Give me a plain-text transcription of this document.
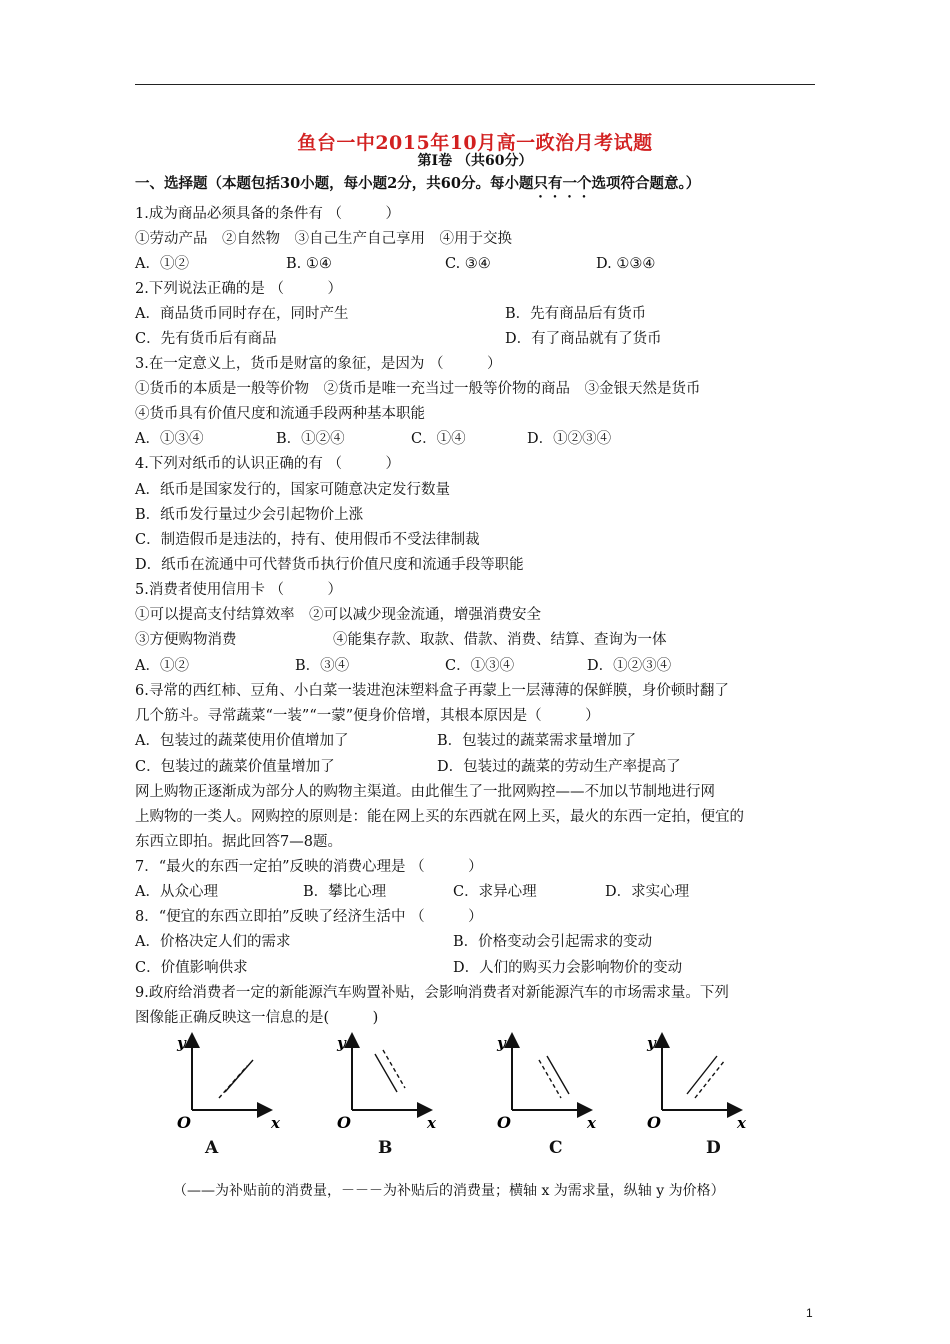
鱼台一中2015年10月高一政治月考试题
第Ⅰ卷 （共60分）
一、选择题（本题包括30小题，每小题2分，共60分。每小题只有一个选项符合题意。）
1.成为商品必须具备的条件有 （　　　）
①劳动产品　②自然物　③自己生产自己享用　④用于交换
A．①②	B. ①④	C. ③④	D. ①③④
2.下列说法正确的是 （　　　）
A．商品货币同时存在，同时产生	B．先有商品后有货币
C．先有货币后有商品	D．有了商品就有了货币
3.在一定意义上，货币是财富的象征，是因为 （　　　）
①货币的本质是一般等价物　②货币是唯一充当过一般等价物的商品　③金银天然是货币
④货币具有价值尺度和流通手段两种基本职能
A．①③④	B．①②④	C．①④	D．①②③④
4.下列对纸币的认识正确的有 （　　　）
A．纸币是国家发行的，国家可随意决定发行数量
B．纸币发行量过少会引起物价上涨
C．制造假币是违法的，持有、使用假币不受法律制裁
D．纸币在流通中可代替货币执行价值尺度和流通手段等职能
5.消费者使用信用卡 （　　　）
①可以提高支付结算效率　②可以减少现金流通，增强消费安全
③方便购物消费	④能集存款、取款、借款、消费、结算、查询为一体
A．①②	B．③④	C．①③④	D．①②③④
6.寻常的西红柿、豆角、小白菜一装进泡沫塑料盒子再蒙上一层薄薄的保鲜膜，身价顿时翻了
几个筋斗。寻常蔬菜“一装”“一蒙”便身价倍增，其根本原因是（　　　）
A．包装过的蔬菜使用价值增加了	B．包装过的蔬菜需求量增加了
C．包装过的蔬菜价值量增加了	D．包装过的蔬菜的劳动生产率提高了
网上购物正逐渐成为部分人的购物主渠道。由此催生了一批网购控——不加以节制地进行网
上购物的一类人。网购控的原则是：能在网上买的东西就在网上买，最火的东西一定拍，便宜的
东西立即拍。据此回答7—8题。
7．“最火的东西一定拍”反映的消费心理是 （　　　）
A．从众心理	B．攀比心理	C．求异心理	D．求实心理
8．“便宜的东西立即拍”反映了经济生活中 （　　　）
A．价格决定人们的需求	B．价格变动会引起需求的变动
C．价值影响供求	D．人们的购买力会影响物价的变动
9.政府给消费者一定的新能源汽车购置补贴，会影响消费者对新能源汽车的市场需求量。下列
图像能正确反映这一信息的是(　　　)
y
O	x
A
y
O	x
B
y
O	x
C
y
O	x
D
（——为补贴前的消费量，－－－为补贴后的消费量；横轴 x 为需求量，纵轴 y 为价格）
1
